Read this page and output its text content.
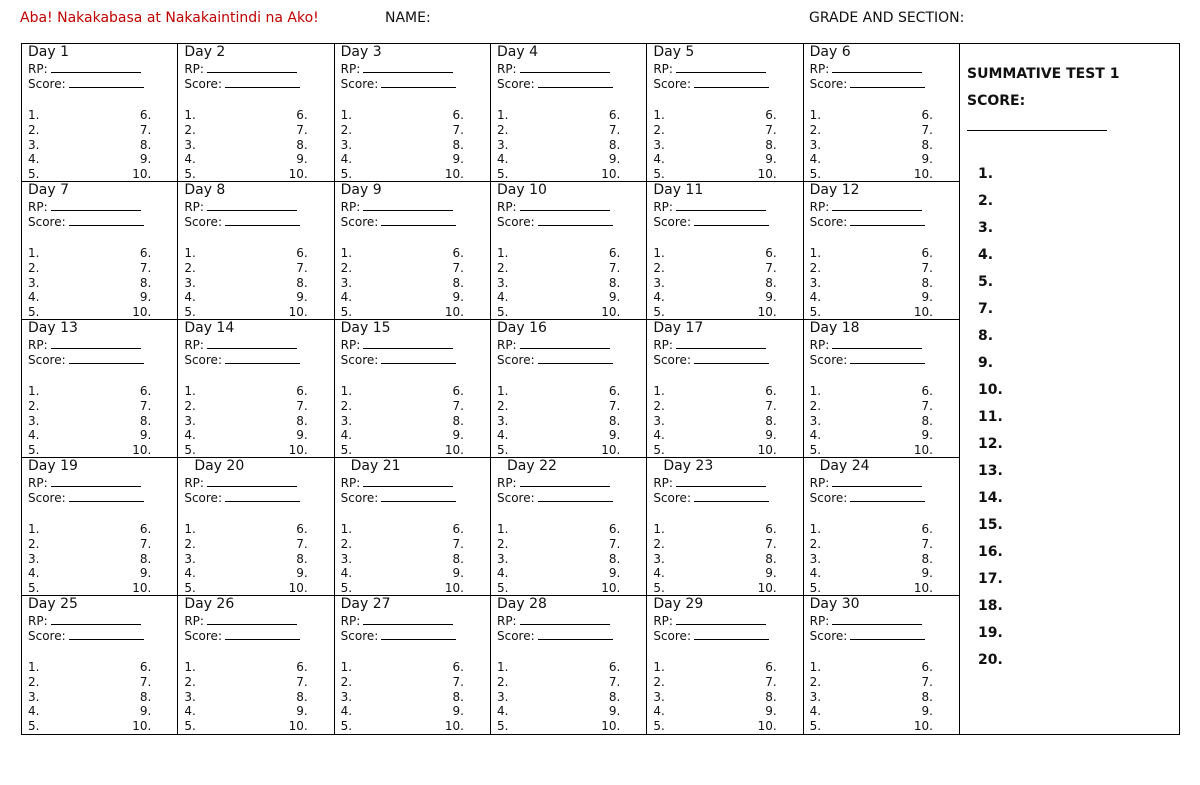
Aba! Nakakabasa at Nakakaintindi na Ako!	NAME:	GRADE AND SECTION:
Day 1
RP:
Score:
1.	6.
2.	7.
3.	8.
4.	9.
5.	10.
Day 2
RP:
Score:
1.	6.
2.	7.
3.	8.
4.	9.
5.	10.
Day 3
RP:
Score:
1.	6.
2.	7.
3.	8.
4.	9.
5.	10.
Day 4
RP:
Score:
1.	6.
2.	7.
3.	8.
4.	9.
5.	10.
Day 5
RP:
Score:
1.	6.
2.	7.
3.	8.
4.	9.
5.	10.
Day 6
RP:
Score:
1.	6.
2.	7.
3.	8.
4.	9.
5.	10.
Day 7
RP:
Score:
1.	6.
2.	7.
3.	8.
4.	9.
5.	10.
Day 8
RP:
Score:
1.	6.
2.	7.
3.	8.
4.	9.
5.	10.
Day 9
RP:
Score:
1.	6.
2.	7.
3.	8.
4.	9.
5.	10.
Day 10
RP:
Score:
1.	6.
2.	7.
3.	8.
4.	9.
5.	10.
Day 11
RP:
Score:
1.	6.
2.	7.
3.	8.
4.	9.
5.	10.
Day 12
RP:
Score:
1.	6.
2.	7.
3.	8.
4.	9.
5.	10.
Day 13
RP:
Score:
1.	6.
2.	7.
3.	8.
4.	9.
5.	10.
Day 14
RP:
Score:
1.	6.
2.	7.
3.	8.
4.	9.
5.	10.
Day 15
RP:
Score:
1.	6.
2.	7.
3.	8.
4.	9.
5.	10.
Day 16
RP:
Score:
1.	6.
2.	7.
3.	8.
4.	9.
5.	10.
Day 17
RP:
Score:
1.	6.
2.	7.
3.	8.
4.	9.
5.	10.
Day 18
RP:
Score:
1.	6.
2.	7.
3.	8.
4.	9.
5.	10.
Day 19
RP:
Score:
1.	6.
2.	7.
3.	8.
4.	9.
5.	10.
Day 20
RP:
Score:
1.	6.
2.	7.
3.	8.
4.	9.
5.	10.
Day 21
RP:
Score:
1.	6.
2.	7.
3.	8.
4.	9.
5.	10.
Day 22
RP:
Score:
1.	6.
2.	7.
3.	8.
4.	9.
5.	10.
Day 23
RP:
Score:
1.	6.
2.	7.
3.	8.
4.	9.
5.	10.
Day 24
RP:
Score:
1.	6.
2.	7.
3.	8.
4.	9.
5.	10.
Day 25
RP:
Score:
1.	6.
2.	7.
3.	8.
4.	9.
5.	10.
Day 26
RP:
Score:
1.	6.
2.	7.
3.	8.
4.	9.
5.	10.
Day 27
RP:
Score:
1.	6.
2.	7.
3.	8.
4.	9.
5.	10.
Day 28
RP:
Score:
1.	6.
2.	7.
3.	8.
4.	9.
5.	10.
Day 29
RP:
Score:
1.	6.
2.	7.
3.	8.
4.	9.
5.	10.
Day 30
RP:
Score:
1.	6.
2.	7.
3.	8.
4.	9.
5.	10.
SUMMATIVE TEST 1
SCORE:
1.
2.
3.
4.
5.
7.
8.
9.
10.
11.
12.
13.
14.
15.
16.
17.
18.
19.
20.
